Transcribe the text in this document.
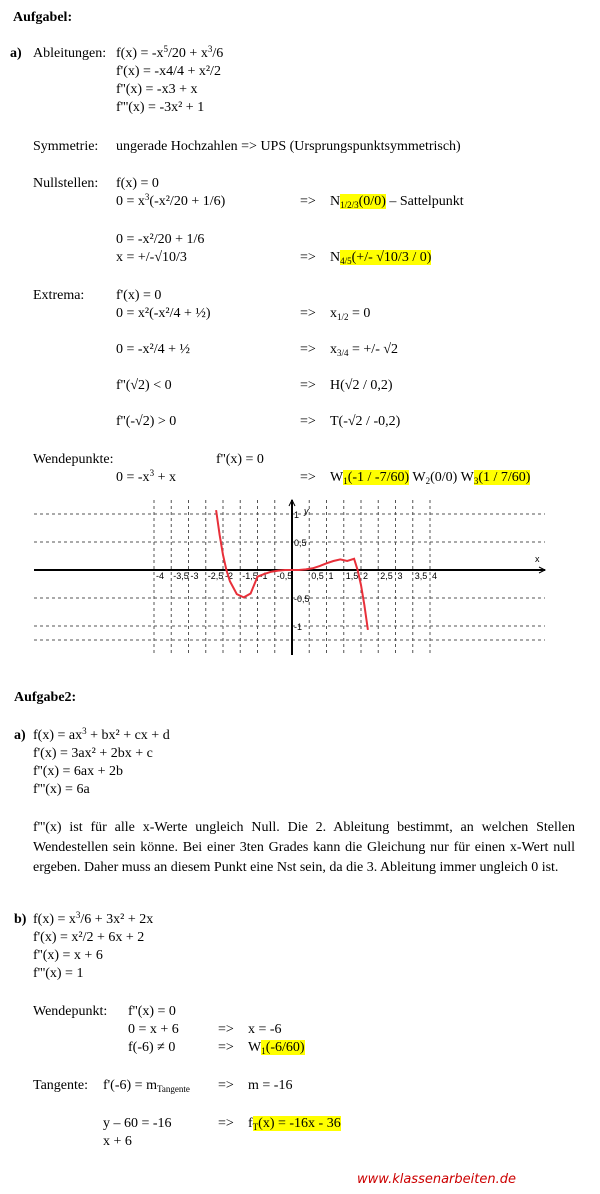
Aufgabel:
a) Ableitungen: $f(x) = -x^5/20 + x^3/6$
f'(x) = -x4/4 + x²/2
f''(x) = -x3 + x
f'''(x) = -3x² + 1
Symmetrie: ungerade Hochzahlen => UPS (Ursprungspunktsymmetrisch)
Nullstellen: f(x) = 0
$0 = x^3(-x^2/20 + 1/6)$	=> $N_{1/2/3}(0/0)$ – Sattelpunkt
0 = -x²/20 + 1/6
x = +/-√10/3	=> $N_{4/5}(+/-$ √10/3 / 0)
Extrema: f'(x) = 0
0 = x²(-x²/4 + ½)	=> $x_{1/2} = 0$
0 = -x²/4 + ½	=> $x_{3/4}$ = +/- √2
f''(√2) < 0	=> H(√2 / 0,2)
f''(-√2) > 0	=> T(-√2 / -0,2)
Wendepunkte:	f''(x) = 0
$0 = -x^3 + x$	=> $W_1(-1 / -7/60)$ $W_2(0/0)$ $W_3(1 / 7/60)$
x
y
-4 -3,5 -3 -2,5 -2 -1,5 -1 -0,5 0,5 1 1,5 2 2,5 3 3,5 4
1
0,5
-0,5
-1
Aufgabe2:
a) $f(x) = ax^3 + bx^2$ + cx + d
f'(x) = 3ax² + 2bx + c
f''(x) = 6ax + 2b
f'''(x) = 6a
f'''(x) ist für alle x-Werte ungleich Null. Die 2. Ableitung bestimmt, an welchen Stellen Wendestellen sein könne. Bei einer 3ten Grades kann die Gleichung nur für einen x-Wert null ergeben. Daher muss an diesem Punkt eine Nst sein, da die 3. Ableitung immer ungleich 0 ist.
b) $f(x) = x^3/6 + 3x^2 + 2x$
f'(x) = x²/2 + 6x + 2
f''(x) = x + 6
f'''(x) = 1
Wendepunkt: f''(x) = 0
0 = x + 6	=> x = -6
f(-6) ≠ 0	=> $W_1(-6/60)$
Tangente: $f'(-6) = m_{Tangente} => m = -16$
y – 60 = -16	=> $f_T(x) = -16x - 36$
x + 6
www.klassenarbeiten.de
